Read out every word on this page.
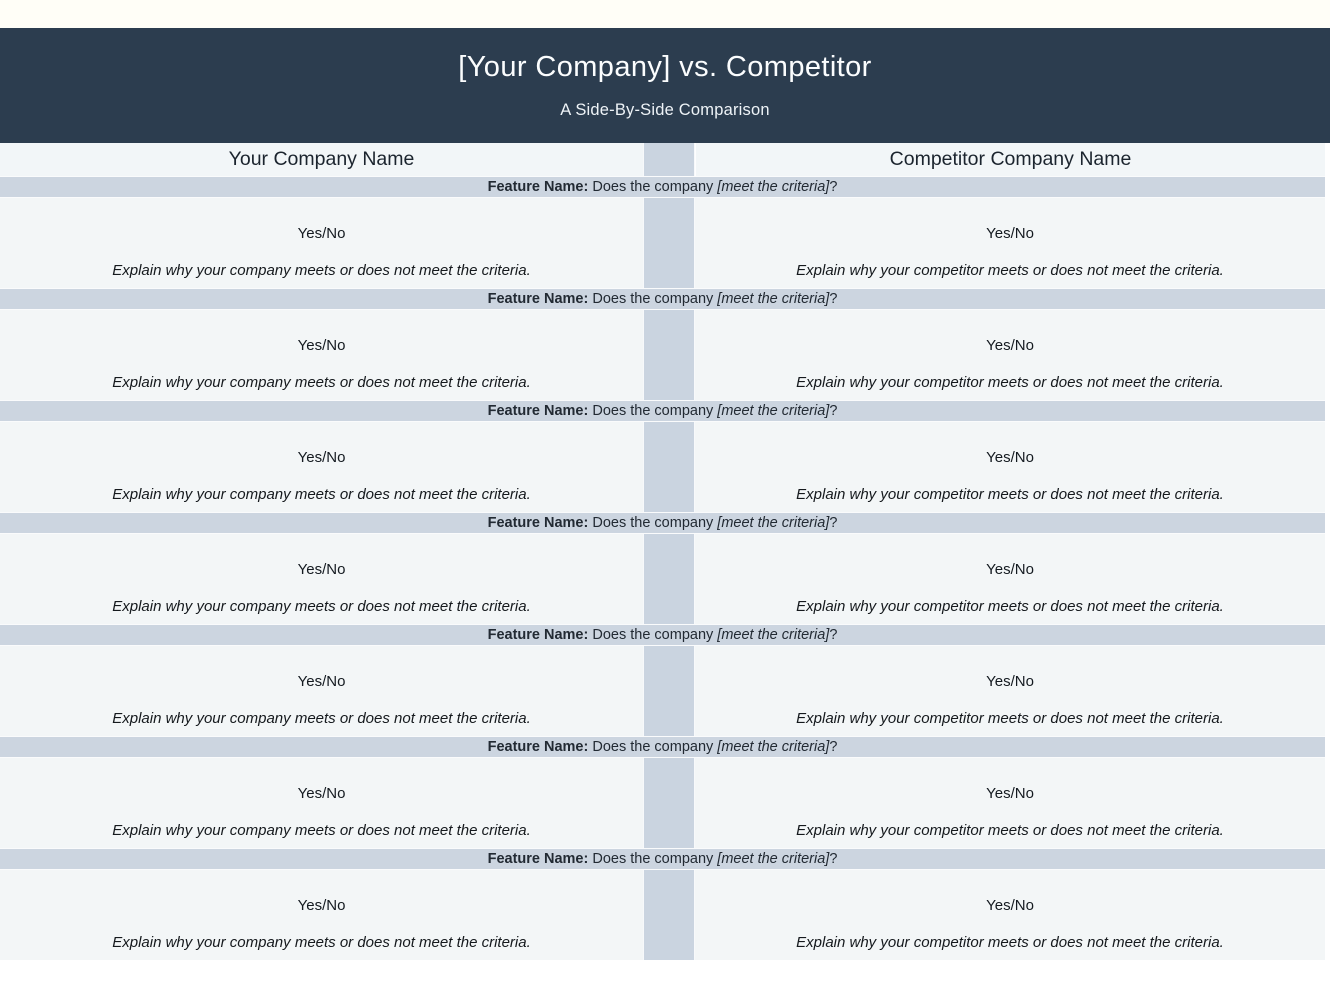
[Your Company] vs. Competitor

A Side-By-Side Comparison

Your Company Name	Competitor Company Name
Feature Name: Does the company [meet the criteria] ?
Yes/No
Explain why your company meets or does not meet the criteria.
Yes/No
Explain why your competitor meets or does not meet the criteria.
Feature Name: Does the company [meet the criteria] ?
Yes/No
Explain why your company meets or does not meet the criteria.
Yes/No
Explain why your competitor meets or does not meet the criteria.
Feature Name: Does the company [meet the criteria] ?
Yes/No
Explain why your company meets or does not meet the criteria.
Yes/No
Explain why your competitor meets or does not meet the criteria.
Feature Name: Does the company [meet the criteria] ?
Yes/No
Explain why your company meets or does not meet the criteria.
Yes/No
Explain why your competitor meets or does not meet the criteria.
Feature Name: Does the company [meet the criteria] ?
Yes/No
Explain why your company meets or does not meet the criteria.
Yes/No
Explain why your competitor meets or does not meet the criteria.
Feature Name: Does the company [meet the criteria] ?
Yes/No
Explain why your company meets or does not meet the criteria.
Yes/No
Explain why your competitor meets or does not meet the criteria.
Feature Name: Does the company [meet the criteria] ?
Yes/No
Explain why your company meets or does not meet the criteria.
Yes/No
Explain why your competitor meets or does not meet the criteria.
